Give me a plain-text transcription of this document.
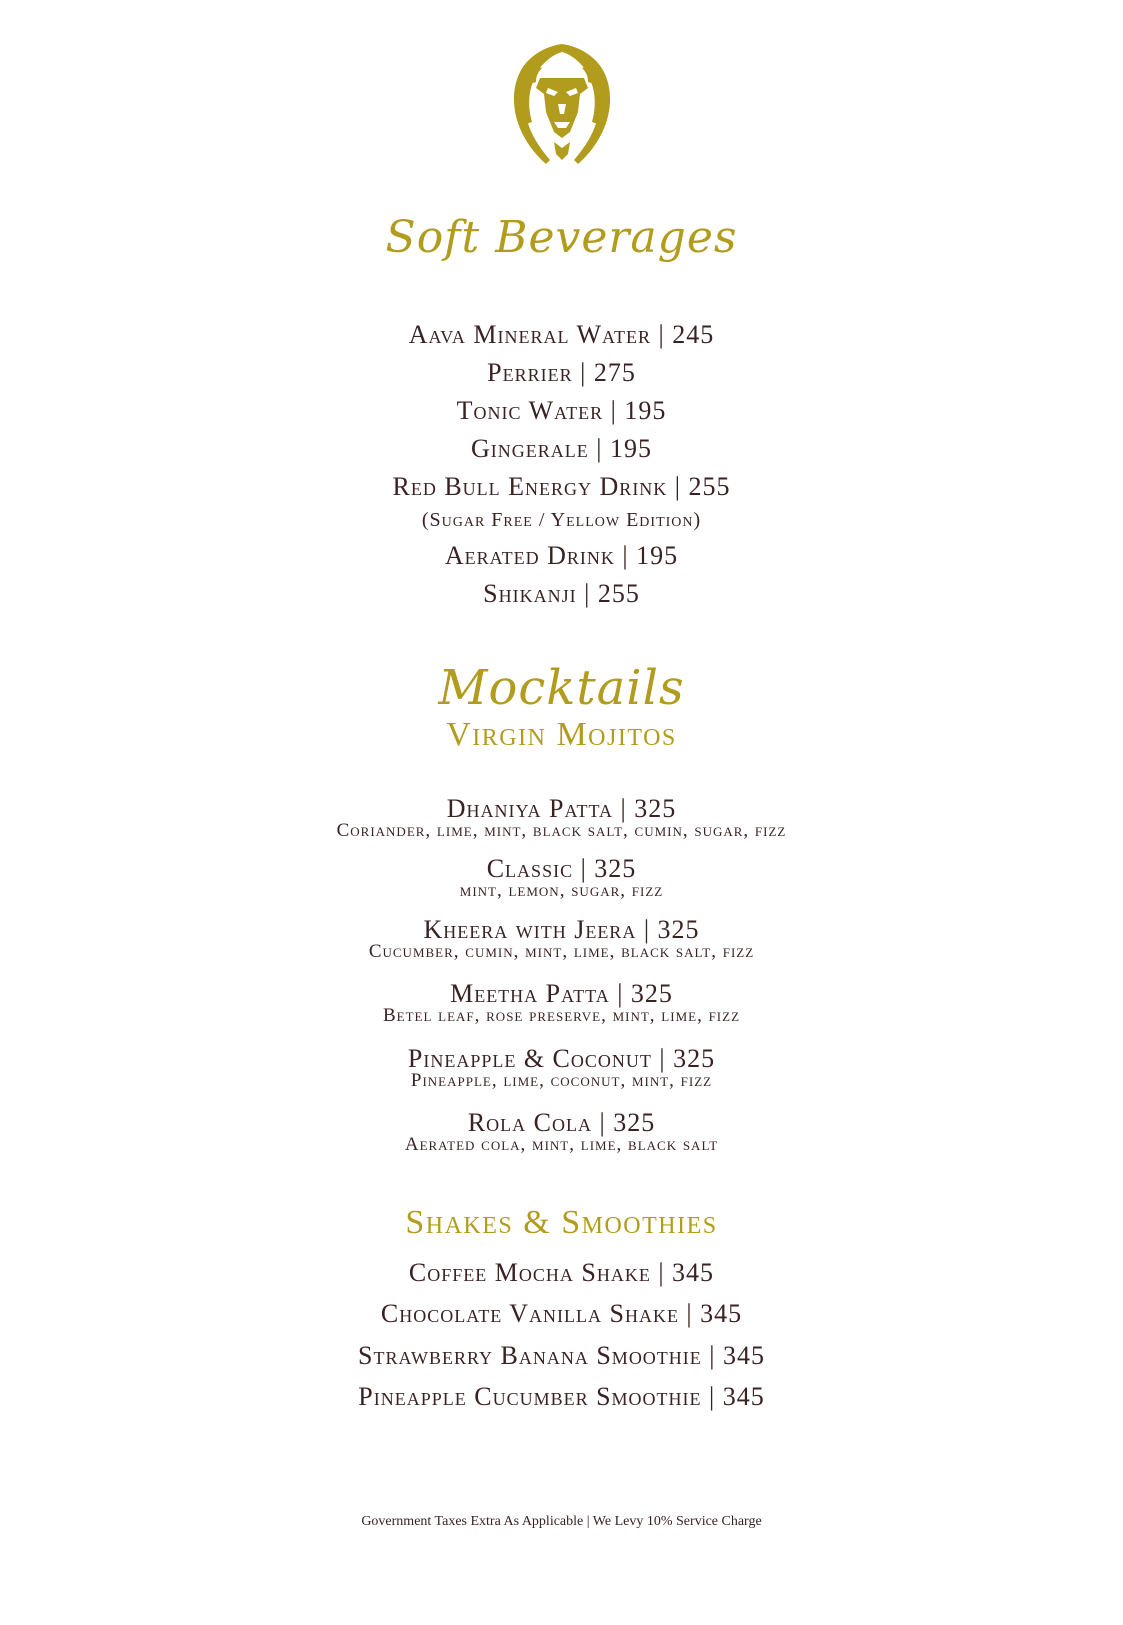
Soft Beverages
Aava Mineral Water | 245
Perrier | 275
Tonic Water | 195
Gingerale | 195
Red Bull Energy Drink | 255
(Sugar Free / Yellow Edition)
Aerated Drink | 195
Shikanji | 255
Mocktails
Virgin Mojitos
Dhaniya Patta | 325
Coriander, lime, mint, black salt, cumin, sugar, fizz
Classic | 325
mint, lemon, sugar, fizz
Kheera with Jeera | 325
Cucumber, cumin, mint, lime, black salt, fizz
Meetha Patta | 325
Betel leaf, rose preserve, mint, lime, fizz
Pineapple & Coconut | 325
Pineapple, lime, coconut, mint, fizz
Rola Cola | 325
Aerated cola, mint, lime, black salt
Shakes & Smoothies
Coffee Mocha Shake | 345
Chocolate Vanilla Shake | 345
Strawberry Banana Smoothie | 345
Pineapple Cucumber Smoothie | 345
Government Taxes Extra As Applicable | We Levy 10% Service Charge
